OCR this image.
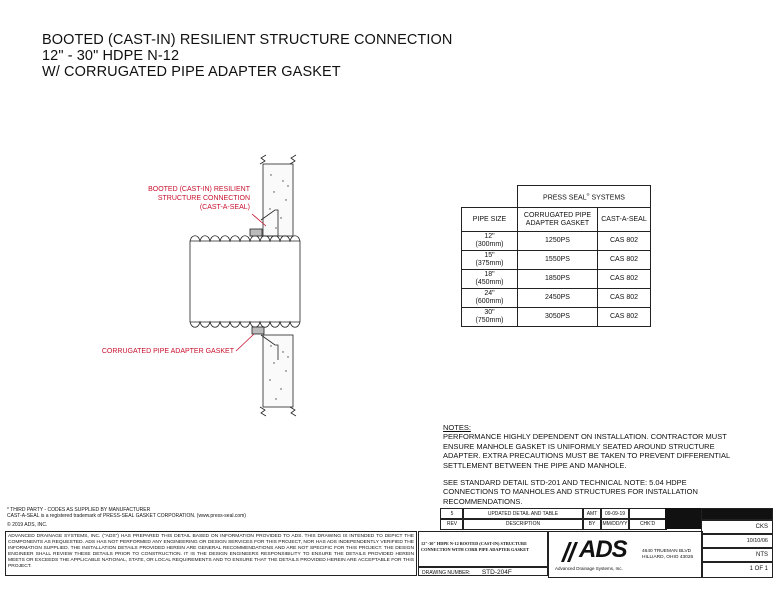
BOOTED (CAST-IN) RESILIENT STRUCTURE CONNECTION
12" - 30" HDPE N-12
W/ CORRUGATED PIPE ADAPTER GASKET
BOOTED (CAST-IN) RESILIENT
STRUCTURE CONNECTION
(CAST-A-SEAL)
CORRUGATED PIPE ADAPTER GASKET
	PRESS SEAL® SYSTEMS	
PIPE SIZE	CORRUGATED PIPE
ADAPTER GASKET	CAST-A-SEAL

12"
(300mm)	1250PS	CAS 802

15"
(375mm)	1550PS	CAS 802

18"
(450mm)	1850PS	CAS 802

24"
(600mm)	2450PS	CAS 802

30"
(750mm)	3050PS	CAS 802
NOTES:
PERFORMANCE HIGHLY DEPENDENT ON INSTALLATION. CONTRACTOR MUST ENSURE MANHOLE GASKET IS UNIFORMLY SEATED AROUND STRUCTURE ADAPTER. EXTRA PRECAUTIONS MUST BE TAKEN TO PREVENT DIFFERENTIAL SETTLEMENT BETWEEN THE PIPE AND MANHOLE.
SEE STANDARD DETAIL STD-201 AND TECHNICAL NOTE: 5.04 HDPE CONNECTIONS TO MANHOLES AND STRUCTURES FOR INSTALLATION RECOMMENDATIONS.
* THIRD PARTY - CODES AS SUPPLIED BY MANUFACTURER
CAST-A-SEAL is a registered trademark of PRESS-SEAL GASKET CORPORATION. (www.press-seal.com)
© 2019 ADS, INC.
ADVANCED DRAINAGE SYSTEMS, INC. ("ADS") HAS PREPARED THIS DETAIL BASED ON INFORMATION PROVIDED TO ADS. THIS DRAWING IS INTENDED TO DEPICT THE COMPONENTS AS REQUESTED. ADS HAS NOT PERFORMED ANY ENGINEERING OR DESIGN SERVICES FOR THIS PROJECT, NOR HAS ADS INDEPENDENTLY VERIFIED THE INFORMATION SUPPLIED. THE INSTALLATION DETAILS PROVIDED HEREIN ARE GENERAL RECOMMENDATIONS AND ARE NOT SPECIFIC FOR THIS PROJECT. THE DESIGN ENGINEER SHALL REVIEW THESE DETAILS PRIOR TO CONSTRUCTION. IT IS THE DESIGN ENGINEERS RESPONSIBILITY TO ENSURE THE DETAILS PROVIDED HEREIN MEETS OR EXCEEDS THE APPLICABLE NATIONAL, STATE, OR LOCAL REQUIREMENTS AND TO ENSURE THAT THE DETAILS PROVIDED HEREIN ARE ACCEPTABLE FOR THIS PROJECT.
5	UPDATED DETAIL AND TABLE	AMT	09-09-19
REV	DESCRIPTION	BY	MM/DD/YY	CHK'D
12"-30" HDPE N-12 BOOTED (CAST-IN) STRUCTURE CONNECTION WITH CORR PIPE ADAPTER GASKET
DRAWING NUMBER: STD-204F
ADS
Advanced Drainage Systems, Inc.
4640 TRUEMAN BLVD
HILLIARD, OHIO 43026
CKS
10/10/06
NTS
1 OF 1
